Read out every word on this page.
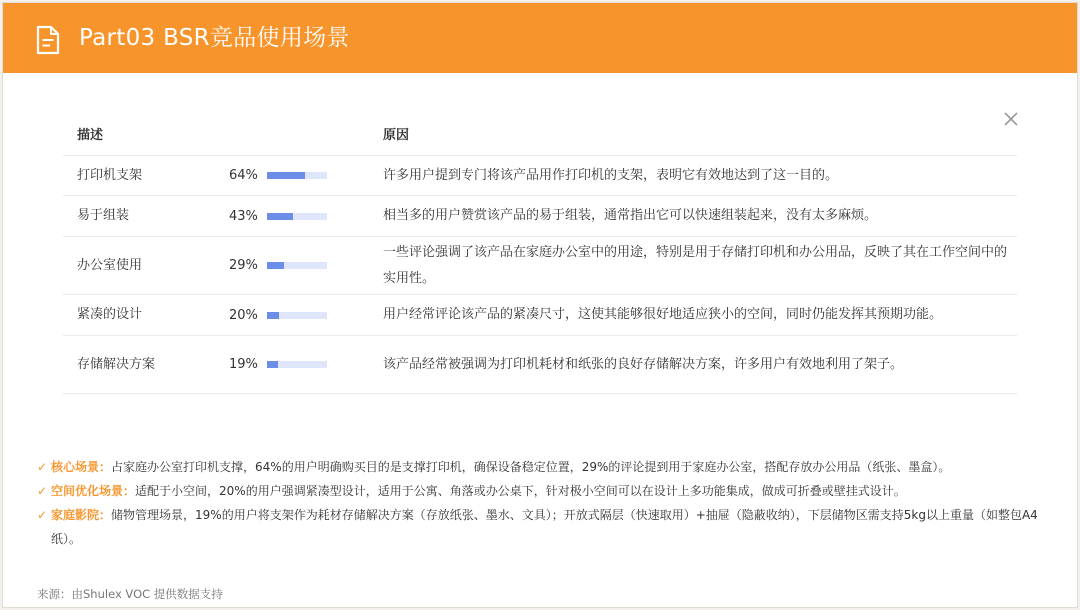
Part03 BSR竞品使用场景
描述		原因
打印机支架	64%	许多用户提到专门将该产品用作打印机的支架，表明它有效地达到了这一目的。
易于组装	43%	相当多的用户赞赏该产品的易于组装，通常指出它可以快速组装起来，没有太多麻烦。
办公室使用	29%	一些评论强调了该产品在家庭办公室中的用途，特别是用于存储打印机和办公用品，反映了其在工作空间中的实用性。
紧凑的设计	20%	用户经常评论该产品的紧凑尺寸，这使其能够很好地适应狭小的空间，同时仍能发挥其预期功能。
存储解决方案	19%	该产品经常被强调为打印机耗材和纸张的良好存储解决方案，许多用户有效地利用了架子。
✓ 核心场景：占家庭办公室打印机支撑，64%的用户明确购买目的是支撑打印机，确保设备稳定位置，29%的评论提到用于家庭办公室，搭配存放办公用品（纸张、墨盒）。
✓ 空间优化场景：适配于小空间，20%的用户强调紧凑型设计，适用于公寓、角落或办公桌下，针对极小空间可以在设计上多功能集成，做成可折叠或壁挂式设计。
✓ 家庭影院：储物管理场景，19%的用户将支架作为耗材存储解决方案（存放纸张、墨水、文具）；开放式隔层（快速取用）+抽屉（隐蔽收纳），下层储物区需支持5kg以上重量（如整包A4纸）。
来源：由Shulex VOC 提供数据支持
